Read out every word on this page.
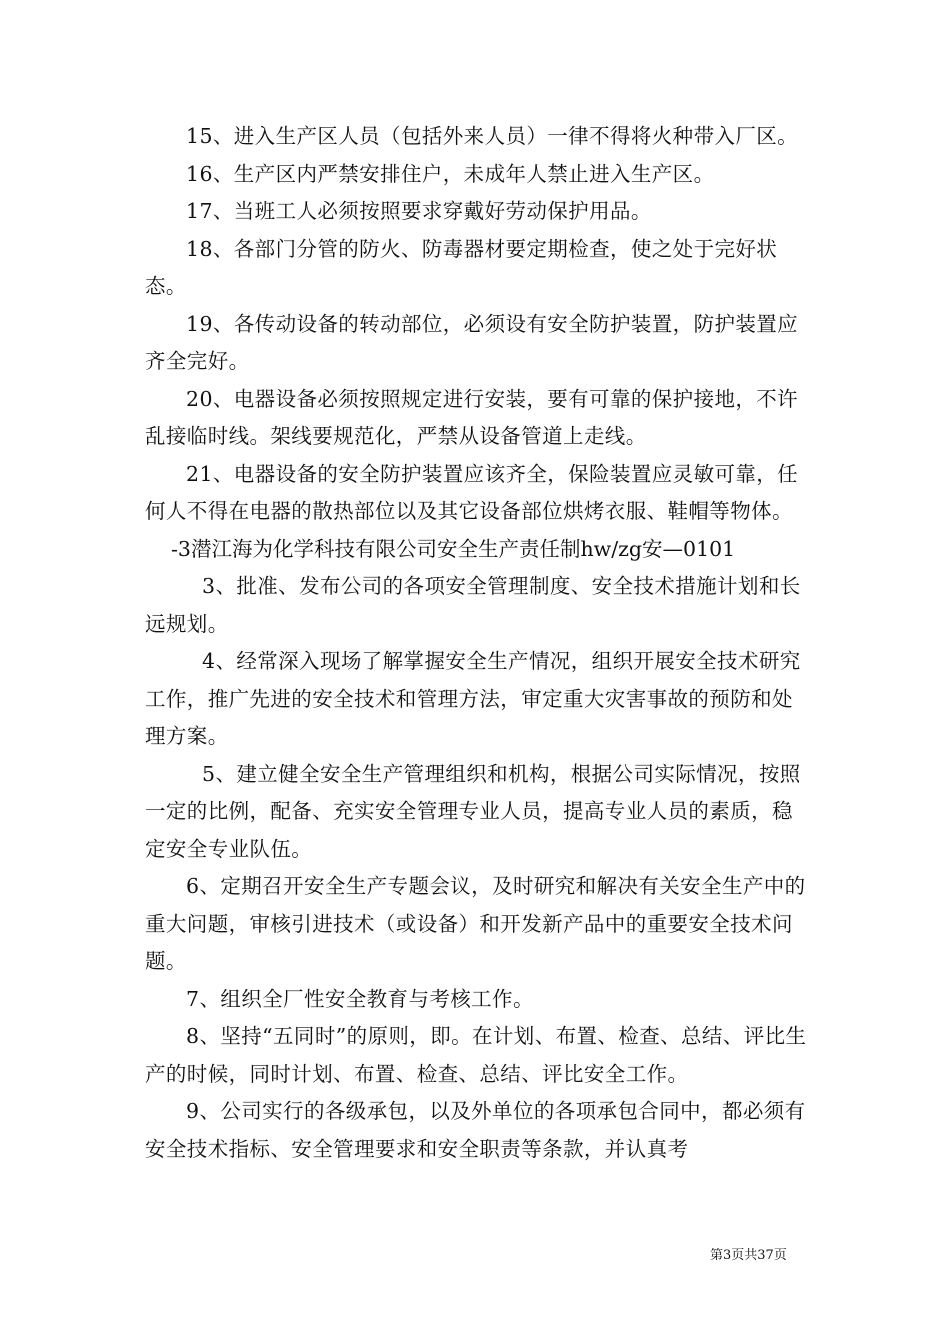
15、进入生产区人员（包括外来人员）一律不得将火种带入厂区。

16、生产区内严禁安排住户，未成年人禁止进入生产区。

17、当班工人必须按照要求穿戴好劳动保护用品。

18、各部门分管的防火、防毒器材要定期检查，使之处于完好状态。

19、各传动设备的转动部位，必须设有安全防护装置，防护装置应齐全完好。

20、电器设备必须按照规定进行安装，要有可靠的保护接地，不许乱接临时线。架线要规范化，严禁从设备管道上走线。

21、电器设备的安全防护装置应该齐全，保险装置应灵敏可靠，任何人不得在电器的散热部位以及其它设备部位烘烤衣服、鞋帽等物体。

-3潜江海为化学科技有限公司安全生产责任制hw/zg安—0101

3、批准、发布公司的各项安全管理制度、安全技术措施计划和长远规划。

4、经常深入现场了解掌握安全生产情况，组织开展安全技术研究工作，推广先进的安全技术和管理方法，审定重大灾害事故的预防和处理方案。

5、建立健全安全生产管理组织和机构，根据公司实际情况，按照一定的比例，配备、充实安全管理专业人员，提高专业人员的素质，稳定安全专业队伍。

6、定期召开安全生产专题会议，及时研究和解决有关安全生产中的重大问题，审核引进技术（或设备）和开发新产品中的重要安全技术问题。

7、组织全厂性安全教育与考核工作。

8、坚持“五同时”的原则，即。在计划、布置、检查、总结、评比生产的时候，同时计划、布置、检查、总结、评比安全工作。

9、公司实行的各级承包，以及外单位的各项承包合同中，都必须有安全技术指标、安全管理要求和安全职责等条款，并认真考

第3页共37页
